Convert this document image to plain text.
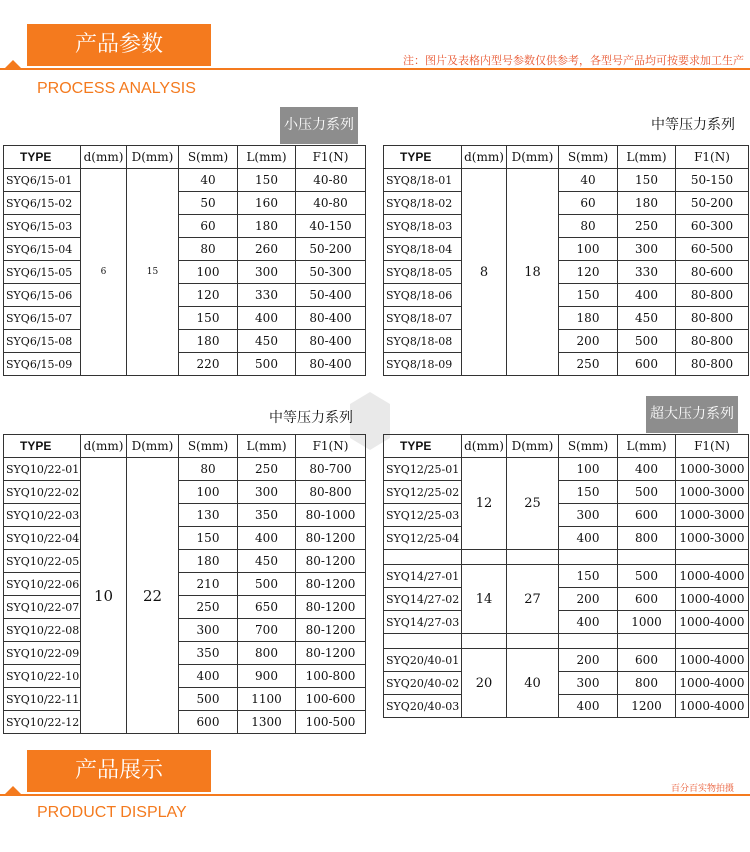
产品参数
注：图片及表格内型号参数仅供参考，各型号产品均可按要求加工生产
PROCESS ANALYSIS
小压力系列	中等压力系列
中等压力系列	超大压力系列
TYPE	d(mm)	D(mm)	S(mm)	L(mm)	F1(N)
SYQ6/15-01	6	15	40	150	40-80
SYQ6/15-02			50	160	40-80
SYQ6/15-03			60	180	40-150
SYQ6/15-04			80	260	50-200
SYQ6/15-05			100	300	50-300
SYQ6/15-06			120	330	50-400
SYQ6/15-07			150	400	80-400
SYQ6/15-08			180	450	80-400
SYQ6/15-09			220	500	80-400
TYPE	d(mm)	D(mm)	S(mm)	L(mm)	F1(N)
SYQ8/18-01	8	18	40	150	50-150
SYQ8/18-02			60	180	50-200
SYQ8/18-03			80	250	60-300
SYQ8/18-04			100	300	60-500
SYQ8/18-05			120	330	80-600
SYQ8/18-06			150	400	80-800
SYQ8/18-07			180	450	80-800
SYQ8/18-08			200	500	80-800
SYQ8/18-09			250	600	80-800
TYPE	d(mm)	D(mm)	S(mm)	L(mm)	F1(N)
SYQ10/22-01	10	22	80	250	80-700
SYQ10/22-02			100	300	80-800
SYQ10/22-03			130	350	80-1000
SYQ10/22-04			150	400	80-1200
SYQ10/22-05			180	450	80-1200
SYQ10/22-06			210	500	80-1200
SYQ10/22-07			250	650	80-1200
SYQ10/22-08			300	700	80-1200
SYQ10/22-09			350	800	80-1200
SYQ10/22-10			400	900	100-800
SYQ10/22-11			500	1100	100-600
SYQ10/22-12			600	1300	100-500
TYPE	d(mm)	D(mm)	S(mm)	L(mm)	F1(N)
SYQ12/25-01	12	25	100	400	1000-3000
SYQ12/25-02			150	500	1000-3000
SYQ12/25-03			300	600	1000-3000
SYQ12/25-04			400	800	1000-3000

SYQ14/27-01	14	27	150	500	1000-4000
SYQ14/27-02			200	600	1000-4000
SYQ14/27-03			400	1000	1000-4000

SYQ20/40-01	20	40	200	600	1000-4000
SYQ20/40-02			300	800	1000-4000
SYQ20/40-03			400	1200	1000-4000
产品展示
百分百实物拍摄
PRODUCT DISPLAY
